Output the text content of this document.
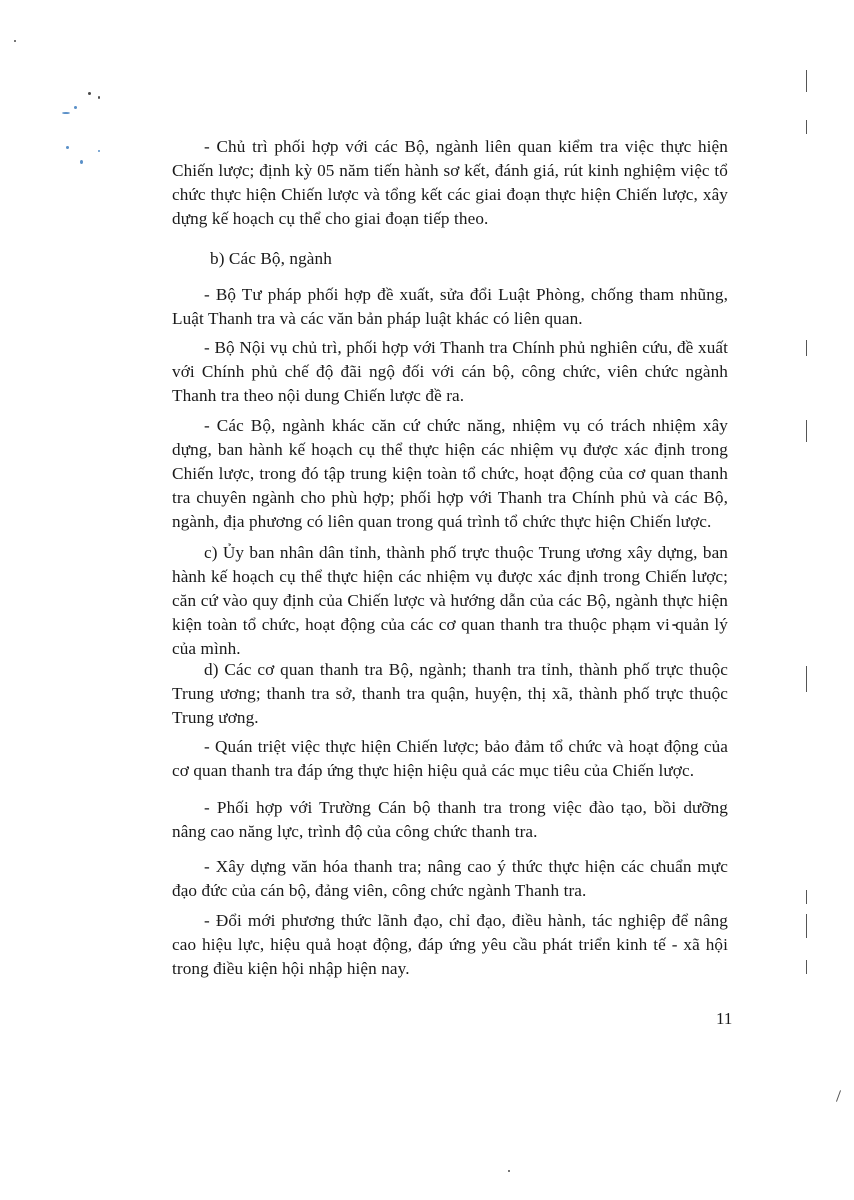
- Chủ trì phối hợp với các Bộ, ngành liên quan kiểm tra việc thực hiện Chiến lược; định kỳ 05 năm tiến hành sơ kết, đánh giá, rút kinh nghiệm việc tổ chức thực hiện Chiến lược và tổng kết các giai đoạn thực hiện Chiến lược, xây dựng kế hoạch cụ thể cho giai đoạn tiếp theo.

b) Các Bộ, ngành

- Bộ Tư pháp phối hợp đề xuất, sửa đổi Luật Phòng, chống tham nhũng, Luật Thanh tra và các văn bản pháp luật khác có liên quan.

- Bộ Nội vụ chủ trì, phối hợp với Thanh tra Chính phủ nghiên cứu, đề xuất với Chính phủ chế độ đãi ngộ đối với cán bộ, công chức, viên chức ngành Thanh tra theo nội dung Chiến lược đề ra.

- Các Bộ, ngành khác căn cứ chức năng, nhiệm vụ có trách nhiệm xây dựng, ban hành kế hoạch cụ thể thực hiện các nhiệm vụ được xác định trong Chiến lược, trong đó tập trung kiện toàn tổ chức, hoạt động của cơ quan thanh tra chuyên ngành cho phù hợp; phối hợp với Thanh tra Chính phủ và các Bộ, ngành, địa phương có liên quan trong quá trình tổ chức thực hiện Chiến lược.

c) Ủy ban nhân dân tỉnh, thành phố trực thuộc Trung ương xây dựng, ban hành kế hoạch cụ thể thực hiện các nhiệm vụ được xác định trong Chiến lược; căn cứ vào quy định của Chiến lược và hướng dẫn của các Bộ, ngành thực hiện kiện toàn tổ chức, hoạt động của các cơ quan thanh tra thuộc phạm vi quản lý của mình.

d) Các cơ quan thanh tra Bộ, ngành; thanh tra tỉnh, thành phố trực thuộc Trung ương; thanh tra sở, thanh tra quận, huyện, thị xã, thành phố trực thuộc Trung ương.

- Quán triệt việc thực hiện Chiến lược; bảo đảm tổ chức và hoạt động của cơ quan thanh tra đáp ứng thực hiện hiệu quả các mục tiêu của Chiến lược.

- Phối hợp với Trường Cán bộ thanh tra trong việc đào tạo, bồi dưỡng nâng cao năng lực, trình độ của công chức thanh tra.

- Xây dựng văn hóa thanh tra; nâng cao ý thức thực hiện các chuẩn mực đạo đức của cán bộ, đảng viên, công chức ngành Thanh tra.

- Đổi mới phương thức lãnh đạo, chỉ đạo, điều hành, tác nghiệp để nâng cao hiệu lực, hiệu quả hoạt động, đáp ứng yêu cầu phát triển kinh tế - xã hội trong điều kiện hội nhập hiện nay.

11
